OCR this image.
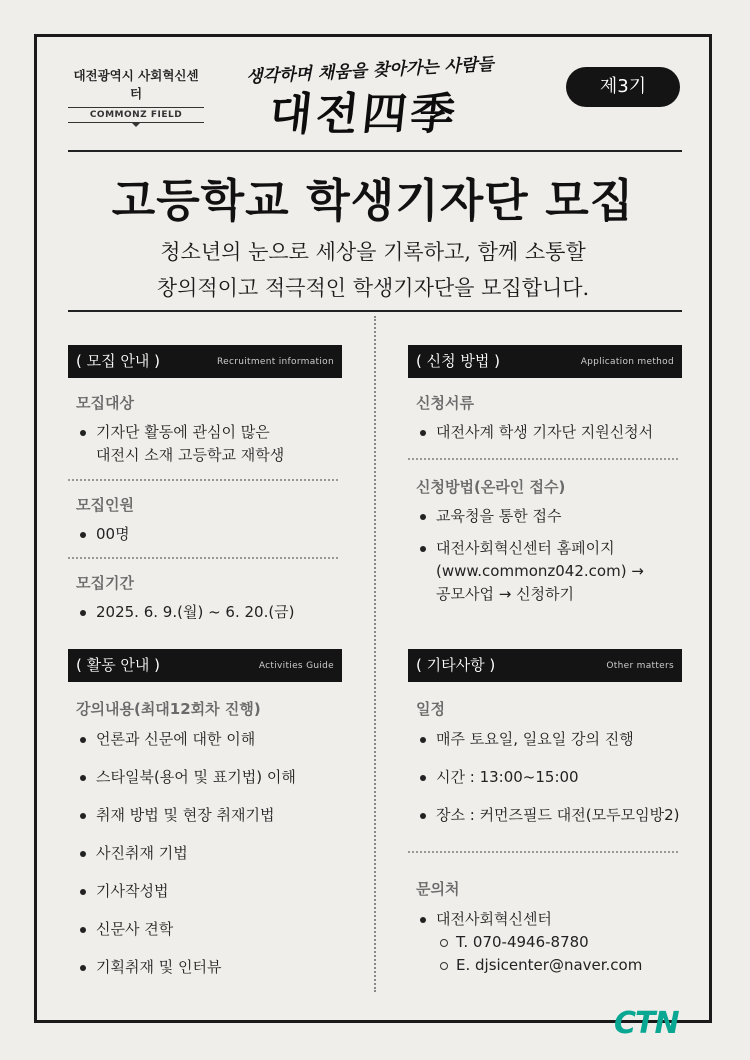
대전광역시 사회혁신센터
COMMONZ FIELD
생각하며 채움을 찾아가는 사람들
대전四季
제3기
고등학교 학생기자단 모집
청소년의 눈으로 세상을 기록하고, 함께 소통할
창의적이고 적극적인 학생기자단을 모집합니다.
( 모집 안내 )	Recruitment information
모집대상
기자단 활동에 관심이 많은
대전시 소재 고등학교 재학생
모집인원
00명
모집기간
2025. 6. 9.(월) ~ 6. 20.(금)
( 신청 방법 )	Application method
신청서류
대전사계 학생 기자단 지원신청서
신청방법(온라인 접수)
교육청을 통한 접수
대전사회혁신센터 홈페이지
(www.commonz042.com) →
공모사업 → 신청하기
( 활동 안내 )	Activities Guide
강의내용(최대12회차 진행)
언론과 신문에 대한 이해
스타일북(용어 및 표기법) 이해
취재 방법 및 현장 취재기법
사진취재 기법
기사작성법
신문사 견학
기획취재 및 인터뷰
( 기타사항 )	Other matters
일정
매주 토요일, 일요일 강의 진행
시간 : 13:00~15:00
장소 : 커먼즈필드 대전(모두모임방2)
문의처
대전사회혁신센터
T. 070-4946-8780
E. djsicenter@naver.com
CTN
